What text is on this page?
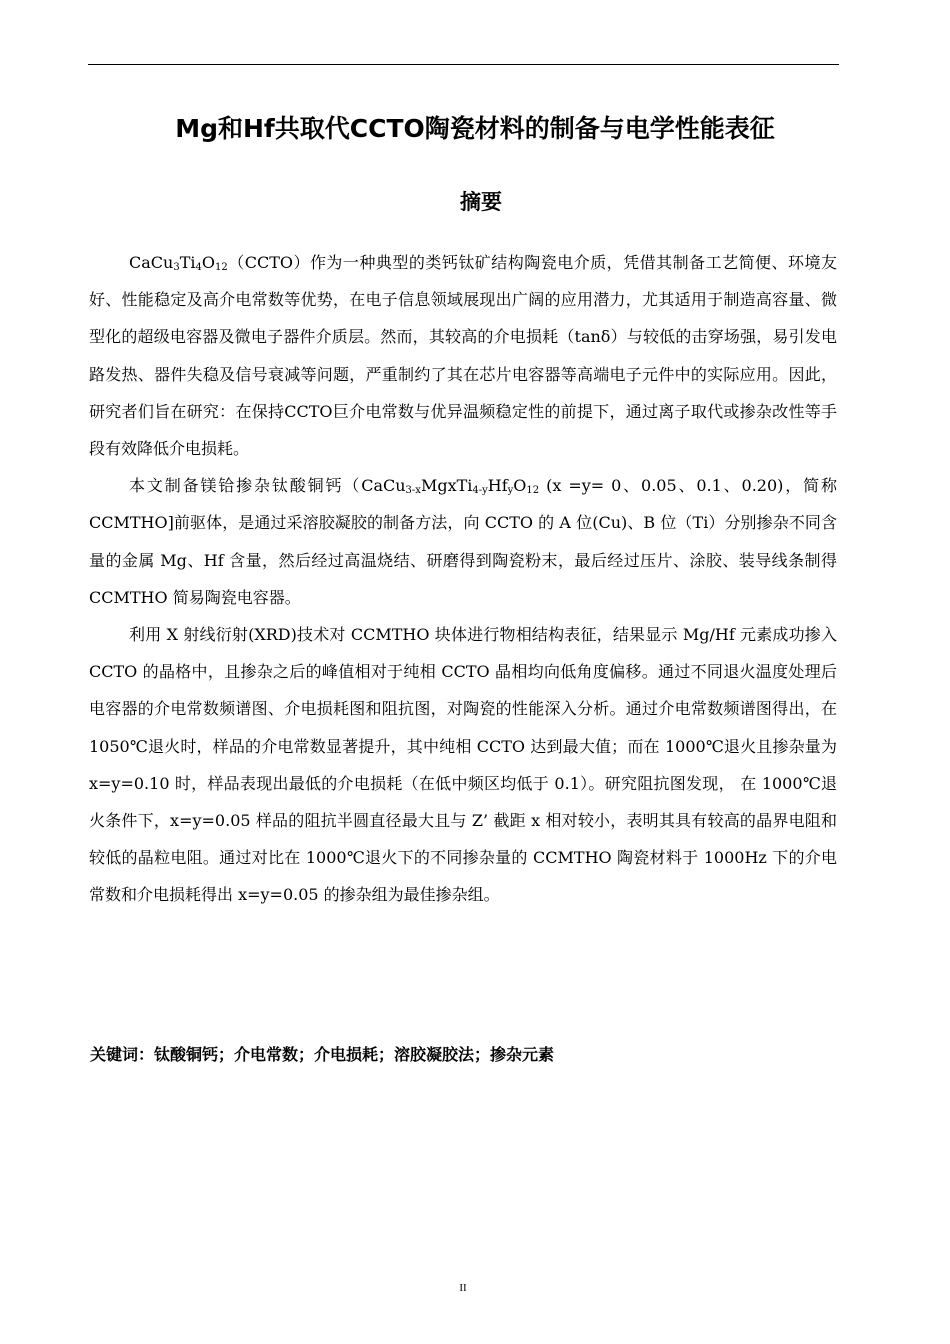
Mg和Hf共取代CCTO陶瓷材料的制备与电学性能表征
摘要

$CaCu_3Ti_4O_{12}(CCTO)$作为一种典型的类钙钛矿结构陶瓷电介质，凭借其制备工艺简便、环境友好、性能稳定及高介电常数等优势，在电子信息领域展现出广阔的应用潜力，尤其适用于制造高容量、微型化的超级电容器及微电子器件介质层。然而，其较高的介电损耗（tanδ）与较低的击穿场强，易引发电路发热、器件失稳及信号衰减等问题，严重制约了其在芯片电容器等高端电子元件中的实际应用。因此，研究者们旨在研究：在保持CCTO巨介电常数与优异温频稳定性的前提下，通过离子取代或掺杂改性等手段有效降低介电损耗。

本文制备镁铪掺杂钛酸铜钙（$CaCu_{3-x}MgxTi_{4-y}Hf_yO_{12}$ (x =y= 0、0.05、0.1、0.20)，简称CCMTHO]前驱体，是通过采溶胶凝胶的制备方法，向 CCTO 的 A 位(Cu)、B 位（Ti）分别掺杂不同含量的金属 Mg、Hf 含量，然后经过高温烧结、研磨得到陶瓷粉末，最后经过压片、涂胶、装导线条制得 CCMTHO 简易陶瓷电容器。

利用 X 射线衍射(XRD)技术对 CCMTHO 块体进行物相结构表征，结果显示 Mg/Hf 元素成功掺入 CCTO 的晶格中，且掺杂之后的峰值相对于纯相 CCTO 晶相均向低角度偏移。通过不同退火温度处理后电容器的介电常数频谱图、介电损耗图和阻抗图，对陶瓷的性能深入分析。通过介电常数频谱图得出，在 1050℃退火时，样品的介电常数显著提升，其中纯相 CCTO 达到最大值；而在 1000℃退火且掺杂量为 x=y=0.10 时，样品表现出最低的介电损耗（在低中频区均低于 0.1）。研究阻抗图发现， 在 1000℃退火条件下，x=y=0.05 样品的阻抗半圆直径最大且与 Z’ 截距 x 相对较小，表明其具有较高的晶界电阻和较低的晶粒电阻。通过对比在 1000℃退火下的不同掺杂量的 CCMTHO 陶瓷材料于 1000Hz 下的介电常数和介电损耗得出 x=y=0.05 的掺杂组为最佳掺杂组。

关键词：钛酸铜钙；介电常数；介电损耗；溶胶凝胶法；掺杂元素
II
